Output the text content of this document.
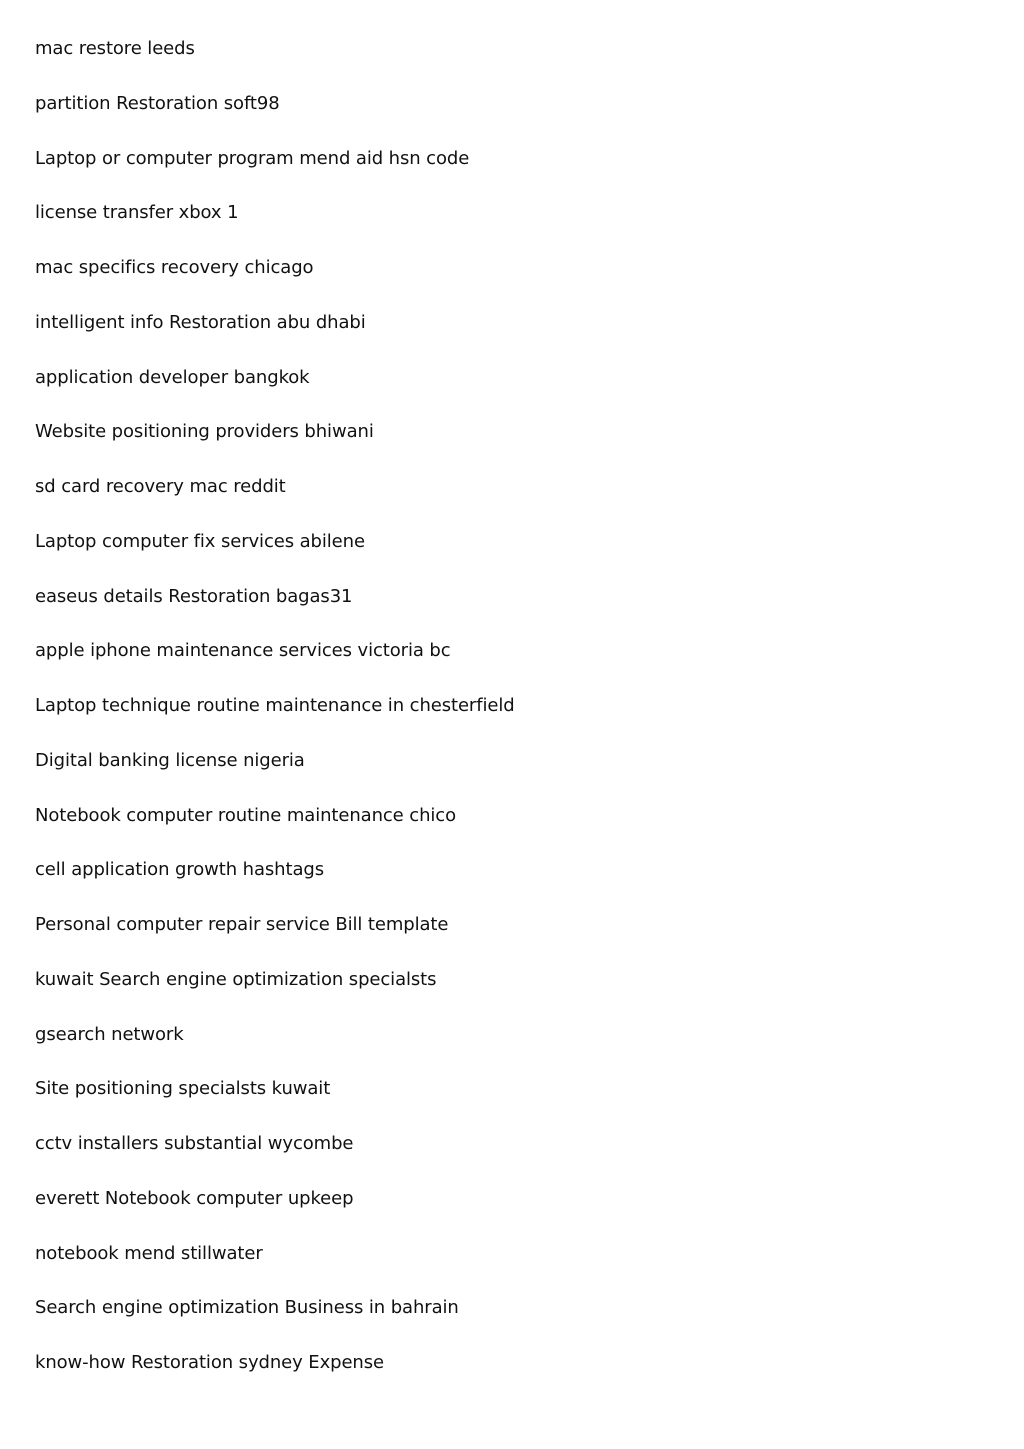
mac restore leeds
partition Restoration soft98
Laptop or computer program mend aid hsn code
license transfer xbox 1
mac specifics recovery chicago
intelligent info Restoration abu dhabi
application developer bangkok
Website positioning providers bhiwani
sd card recovery mac reddit
Laptop computer fix services abilene
easeus details Restoration bagas31
apple iphone maintenance services victoria bc
Laptop technique routine maintenance in chesterfield
Digital banking license nigeria
Notebook computer routine maintenance chico
cell application growth hashtags
Personal computer repair service Bill template
kuwait Search engine optimization specialsts
gsearch network
Site positioning specialsts kuwait
cctv installers substantial wycombe
everett Notebook computer upkeep
notebook mend stillwater
Search engine optimization Business in bahrain
know-how Restoration sydney Expense
